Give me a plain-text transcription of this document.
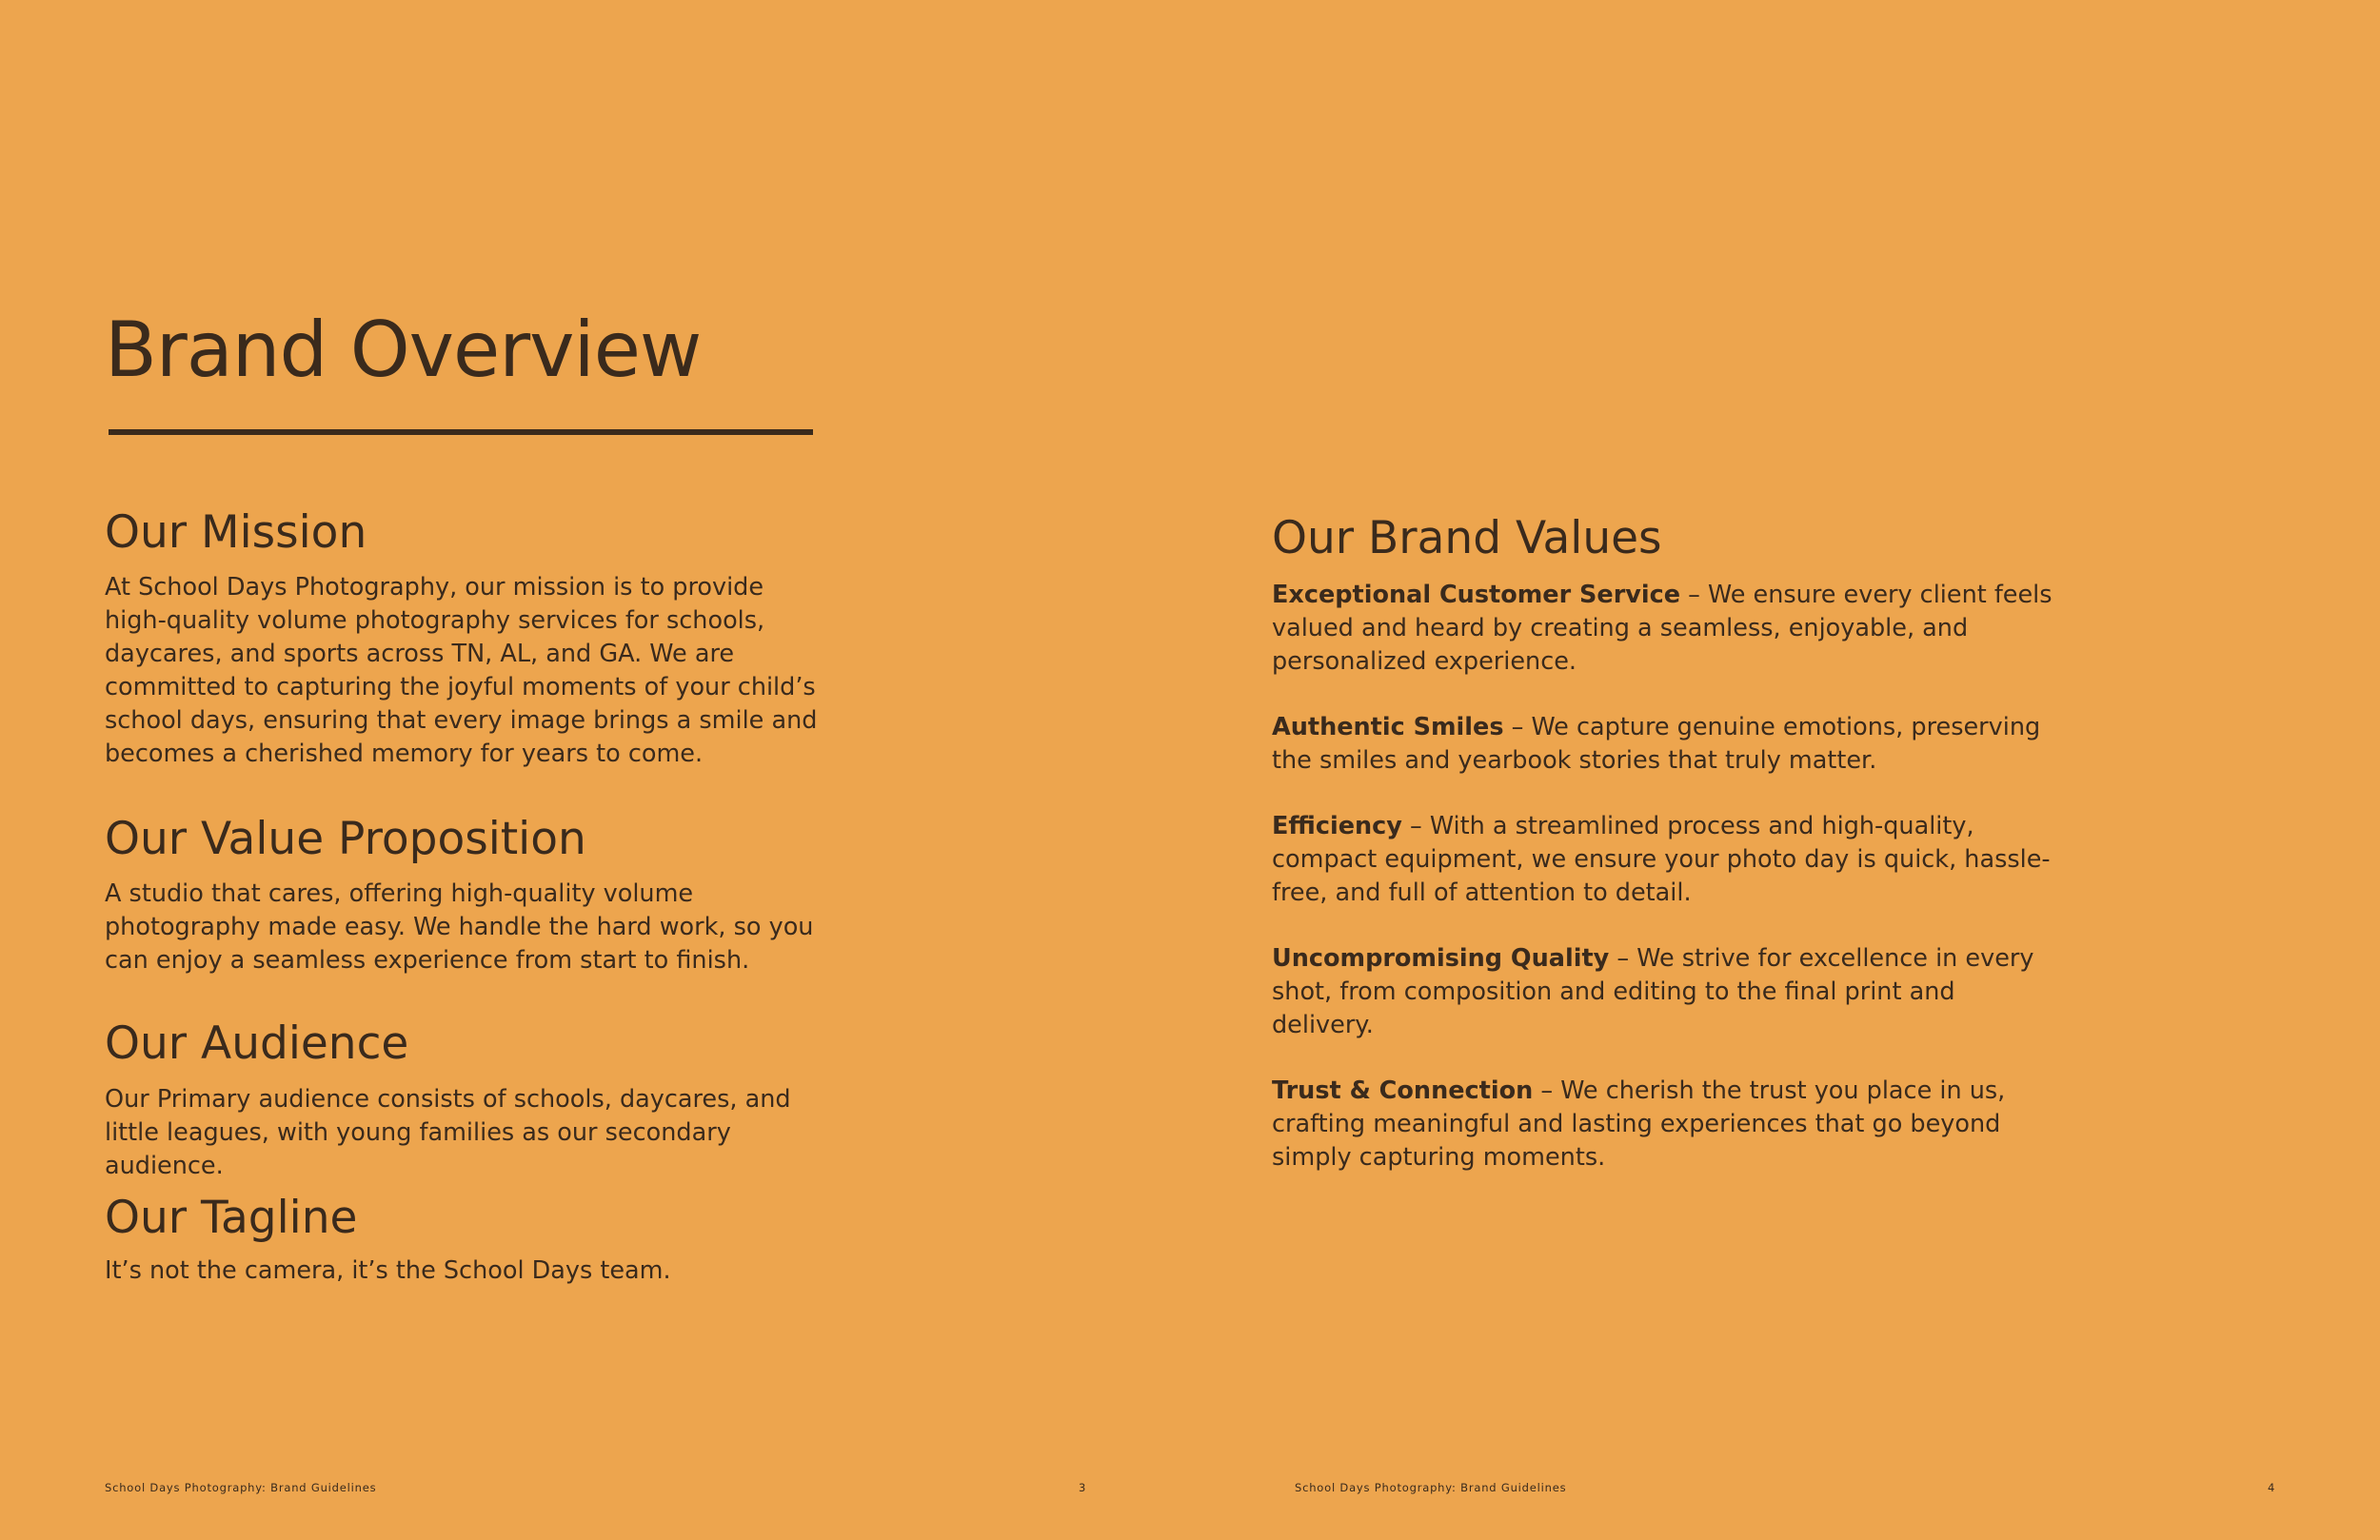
Brand Overview
Our Mission

At School Days Photography, our mission is to provide high-quality volume photography services for schools, daycares, and sports across TN, AL, and GA. We are committed to capturing the joyful moments of your child’s school days, ensuring that every image brings a smile and becomes a cherished memory for years to come.

Our Value Proposition

A studio that cares, offering high-quality volume photography made easy. We handle the hard work, so you can enjoy a seamless experience from start to finish.

Our Audience

Our Primary audience consists of schools, daycares, and little leagues, with young families as our secondary audience.

Our Tagline

It’s not the camera, it’s the School Days team.

Our Brand Values

Exceptional Customer Service – We ensure every client feels valued and heard by creating a seamless, enjoyable, and personalized experience.

Authentic Smiles – We capture genuine emotions, preserving the smiles and yearbook stories that truly matter.

Efficiency – With a streamlined process and high-quality, compact equipment, we ensure your photo day is quick, hassle-free, and full of attention to detail.

Uncompromising Quality – We strive for excellence in every shot, from composition and editing to the final print and delivery.

Trust & Connection – We cherish the trust you place in us, crafting meaningful and lasting experiences that go beyond simply capturing moments.

School Days Photography: Brand Guidelines	3	School Days Photography: Brand Guidelines	4
